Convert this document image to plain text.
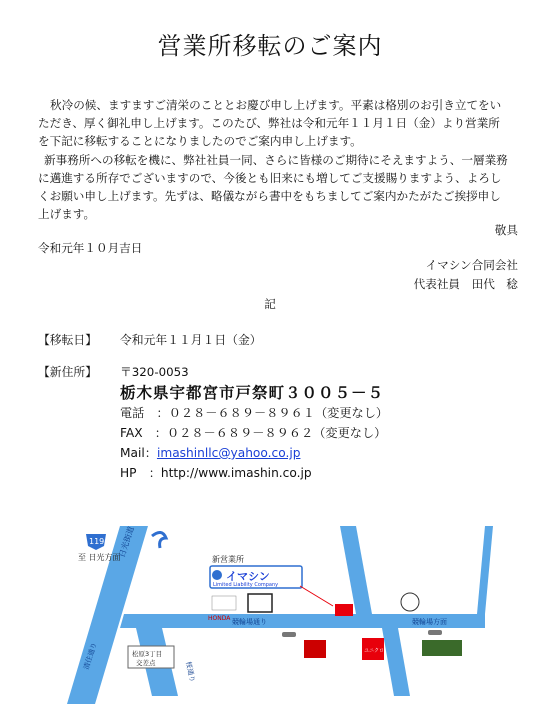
営業所移転のご案内
秋冷の候、ますますご清栄のこととお慶び申し上げます。平素は格別のお引き立てをい
ただき、厚く御礼申し上げます。このたび、弊社は令和元年１１月１日（金）より営業所
を下記に移転することになりましたのでご案内申し上げます。
新事務所への移転を機に、弊社社員一同、さらに皆様のご期待にそえますよう、一層業務
に邁進する所存でございますので、今後とも旧来にも増してご支援賜りますよう、よろし
くお願い申し上げます。先ずは、略儀ながら書中をもちましてご案内かたがたご挨拶申し
上げます。
敬具
令和元年１０月吉日
イマシン合同会社
代表社員　田代　稔
記
【移転日】 令和元年１１月１日（金）
【新住所】 〒320-0053
栃木県宇都宮市戸祭町３００５－５
電話　：０２８－６８９－８９６１（変更なし）
FAX　：０２８－６８９－８９６２（変更なし）
Mail：imashinllc@yahoo.co.jp
HP　：http://www.imashin.co.jp
119
至 日光方面
日光街道
新営業所
イマシン
Limited Liability Company
HONDA 競輪場通り	競輪場方面
ユニクロ
松原3丁目
交差点
清住通り
桜通り
